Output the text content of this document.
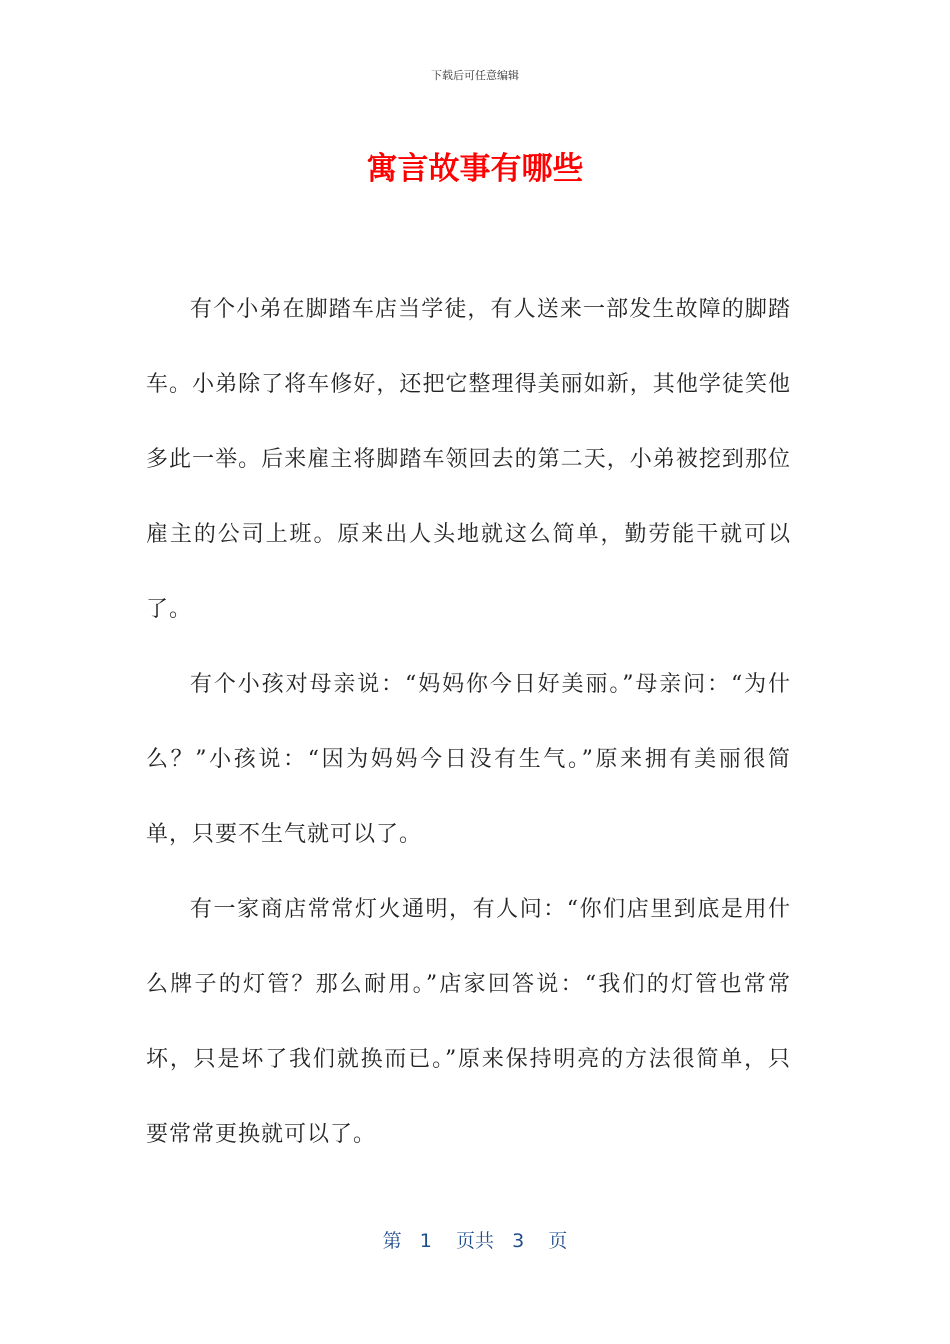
下载后可任意编辑
寓言故事有哪些

有个小弟在脚踏车店当学徒，有人送来一部发生故障的脚踏车。小弟除了将车修好，还把它整理得美丽如新，其他学徒笑他多此一举。后来雇主将脚踏车领回去的第二天，小弟被挖到那位雇主的公司上班。原来出人头地就这么简单，勤劳能干就可以了。

有个小孩对母亲说：“妈妈你今日好美丽。”母亲问：“为什么？”小孩说：“因为妈妈今日没有生气。”原来拥有美丽很简单，只要不生气就可以了。

有一家商店常常灯火通明，有人问：“你们店里到底是用什么牌子的灯管？那么耐用。”店家回答说：“我们的灯管也常常坏，只是坏了我们就换而已。”原来保持明亮的方法很简单，只要常常更换就可以了。

第 1 页共 3 页
